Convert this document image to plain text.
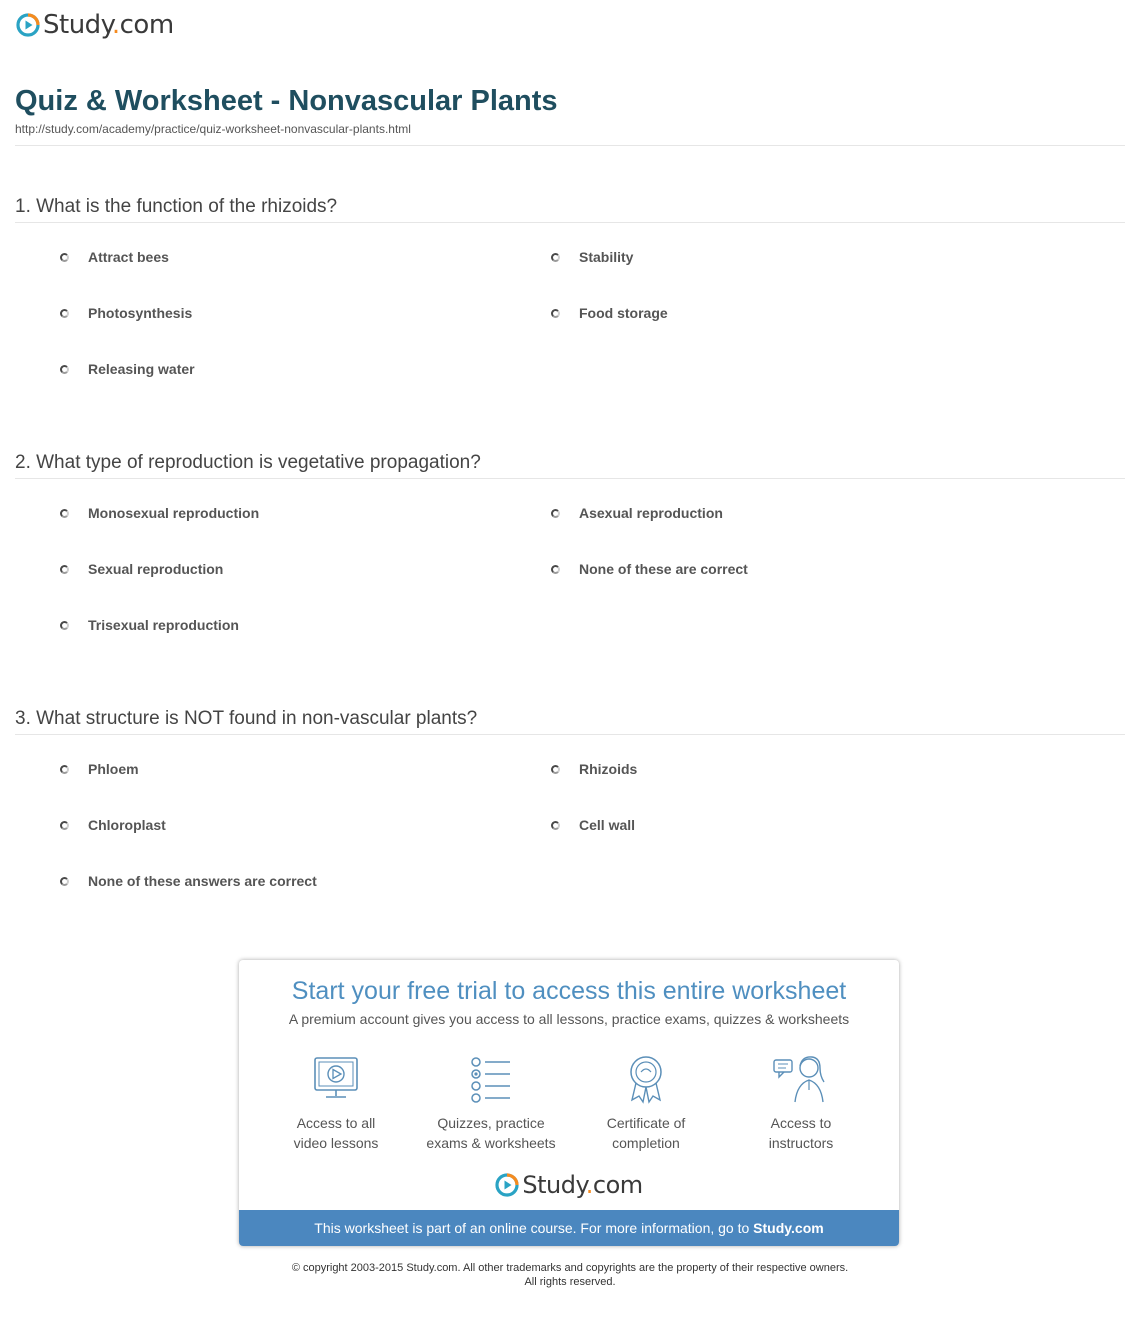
Study.com
Quiz & Worksheet - Nonvascular Plants
http://study.com/academy/practice/quiz-worksheet-nonvascular-plants.html
1. What is the function of the rhizoids?
Attract bees	Stability
Photosynthesis	Food storage
Releasing water
2. What type of reproduction is vegetative propagation?
Monosexual reproduction	Asexual reproduction
Sexual reproduction	None of these are correct
Trisexual reproduction
3. What structure is NOT found in non-vascular plants?
Phloem	Rhizoids
Chloroplast	Cell wall
None of these answers are correct
Start your free trial to access this entire worksheet
A premium account gives you access to all lessons, practice exams, quizzes & worksheets
Access to all
video lessons
Quizzes, practice
exams & worksheets
Certificate of
completion
Access to
instructors
Study.com
This worksheet is part of an online course. For more information, go to Study.com
© copyright 2003-2015 Study.com. All other trademarks and copyrights are the property of their respective owners.
All rights reserved.
